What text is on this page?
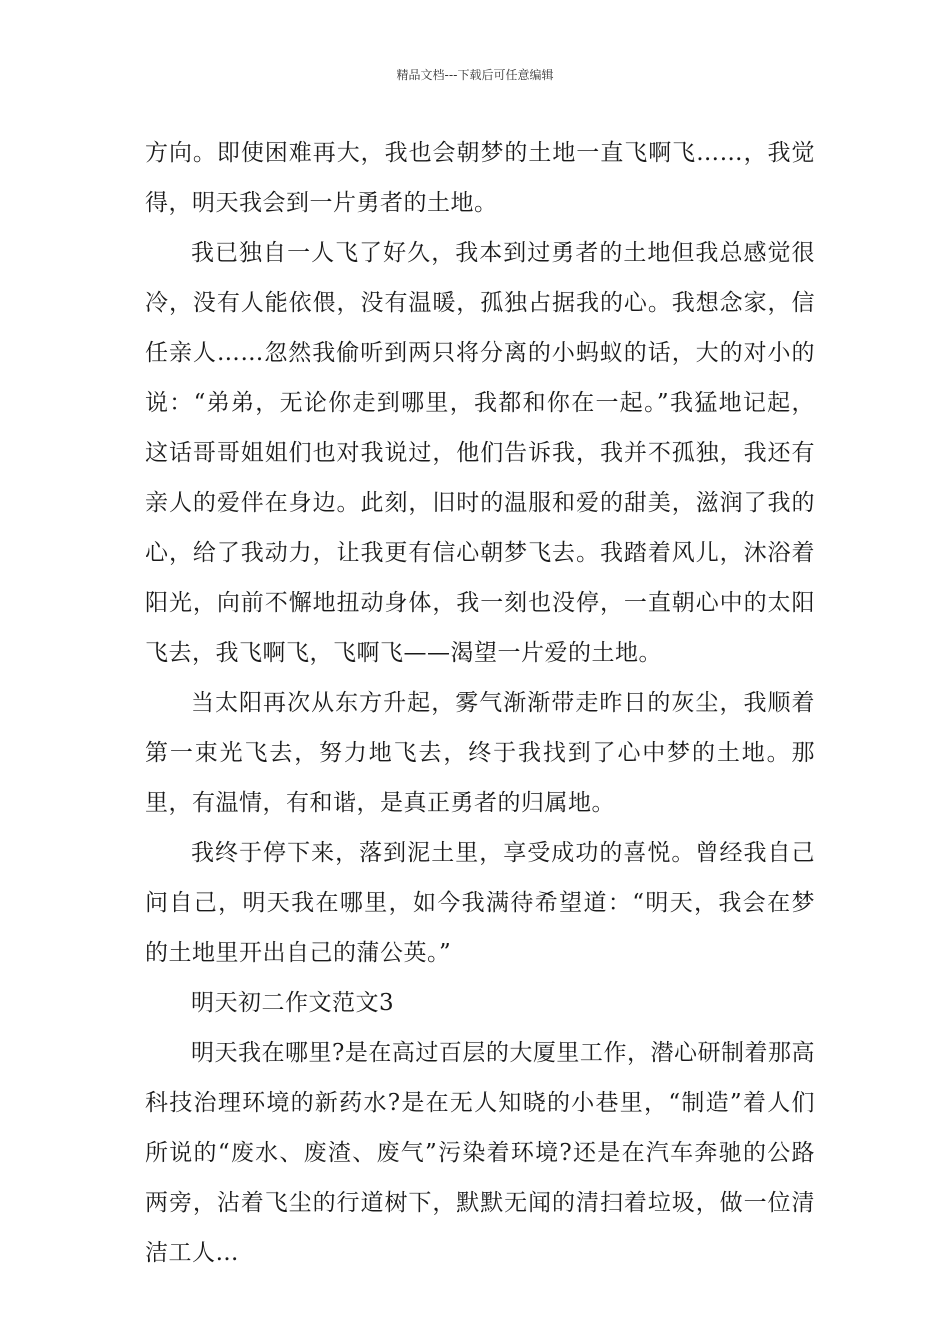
精品文档---下载后可任意编辑

方向。即使困难再大，我也会朝梦的土地一直飞啊飞……，我觉得，明天我会到一片勇者的土地。

我已独自一人飞了好久，我本到过勇者的土地但我总感觉很冷，没有人能依偎，没有温暖，孤独占据我的心。我想念家，信任亲人……忽然我偷听到两只将分离的小蚂蚁的话，大的对小的说：“弟弟，无论你走到哪里，我都和你在一起。”我猛地记起，这话哥哥姐姐们也对我说过，他们告诉我，我并不孤独，我还有亲人的爱伴在身边。此刻，旧时的温服和爱的甜美，滋润了我的心，给了我动力，让我更有信心朝梦飞去。我踏着风儿，沐浴着阳光，向前不懈地扭动身体，我一刻也没停，一直朝心中的太阳飞去，我飞啊飞，飞啊飞——渴望一片爱的土地。

当太阳再次从东方升起，雾气渐渐带走昨日的灰尘，我顺着第一束光飞去，努力地飞去，终于我找到了心中梦的土地。那里，有温情，有和谐，是真正勇者的归属地。

我终于停下来，落到泥土里，享受成功的喜悦。曾经我自己问自己，明天我在哪里，如今我满待希望道：“明天，我会在梦的土地里开出自己的蒲公英。”

明天初二作文范文3

明天我在哪里?是在高过百层的大厦里工作，潜心研制着那高科技治理环境的新药水?是在无人知晓的小巷里，“制造”着人们所说的“废水、废渣、废气”污染着环境?还是在汽车奔驰的公路两旁，沾着飞尘的行道树下，默默无闻的清扫着垃圾，做一位清洁工人…
